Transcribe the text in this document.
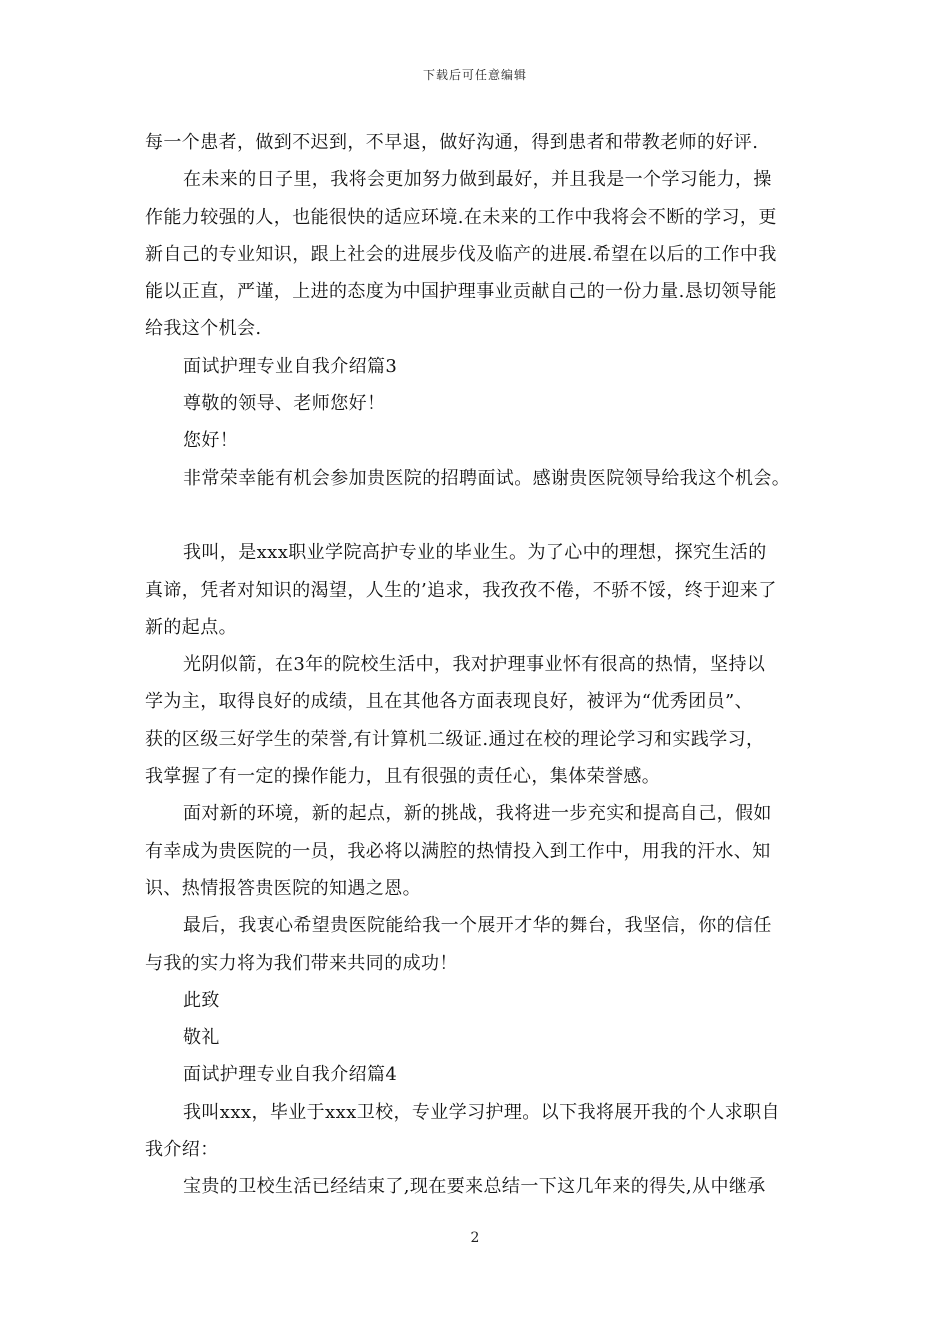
下载后可任意编辑
每一个患者，做到不迟到，不早退，做好沟通，得到患者和带教老师的好评.
在未来的日子里，我将会更加努力做到最好，并且我是一个学习能力，操
作能力较强的人，也能很快的适应环境.在未来的工作中我将会不断的学习，更
新自己的专业知识，跟上社会的进展步伐及临产的进展.希望在以后的工作中我
能以正直，严谨，上进的态度为中国护理事业贡献自己的一份力量.恳切领导能
给我这个机会.
面试护理专业自我介绍篇3
尊敬的领导、老师您好！
您好！
非常荣幸能有机会参加贵医院的招聘面试。感谢贵医院领导给我这个机会。
我叫，是xxx职业学院高护专业的毕业生。为了心中的理想，探究生活的
真谛，凭者对知识的渴望，人生的’追求，我孜孜不倦，不骄不馁，终于迎来了
新的起点。
光阴似箭，在3年的院校生活中，我对护理事业怀有很高的热情，坚持以
学为主，取得良好的成绩，且在其他各方面表现良好，被评为“优秀团员”、
获的区级三好学生的荣誉,有计算机二级证.通过在校的理论学习和实践学习，
我掌握了有一定的操作能力，且有很强的责任心，集体荣誉感。
面对新的环境，新的起点，新的挑战，我将进一步充实和提高自己，假如
有幸成为贵医院的一员，我必将以满腔的热情投入到工作中，用我的汗水、知
识、热情报答贵医院的知遇之恩。
最后，我衷心希望贵医院能给我一个展开才华的舞台，我坚信，你的信任
与我的实力将为我们带来共同的成功！
此致
敬礼
面试护理专业自我介绍篇4
我叫xxx，毕业于xxx卫校，专业学习护理。以下我将展开我的个人求职自
我介绍：
宝贵的卫校生活已经结束了,现在要来总结一下这几年来的得失,从中继承
2
